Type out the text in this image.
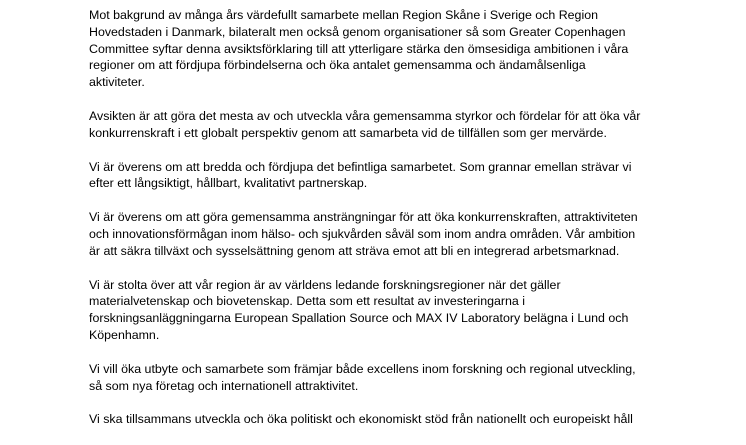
Mot bakgrund av många års värdefullt samarbete mellan Region Skåne i Sverige och Region
Hovedstaden i Danmark, bilateralt men också genom organisationer så som Greater Copenhagen
Committee syftar denna avsiktsförklaring till att ytterligare stärka den ömsesidiga ambitionen i våra
regioner om att fördjupa förbindelserna och öka antalet gemensamma och ändamålsenliga
aktiviteter.

Avsikten är att göra det mesta av och utveckla våra gemensamma styrkor och fördelar för att öka vår
konkurrenskraft i ett globalt perspektiv genom att samarbeta vid de tillfällen som ger mervärde.

Vi är överens om att bredda och fördjupa det befintliga samarbetet. Som grannar emellan strävar vi
efter ett långsiktigt, hållbart, kvalitativt partnerskap.

Vi är överens om att göra gemensamma ansträngningar för att öka konkurrenskraften, attraktiviteten
och innovationsförmågan inom hälso- och sjukvården såväl som inom andra områden. Vår ambition
är att säkra tillväxt och sysselsättning genom att sträva emot att bli en integrerad arbetsmarknad.

Vi är stolta över att vår region är av världens ledande forskningsregioner när det gäller
materialvetenskap och biovetenskap. Detta som ett resultat av investeringarna i
forskningsanläggningarna European Spallation Source och MAX IV Laboratory belägna i Lund och
Köpenhamn.

Vi vill öka utbyte och samarbete som främjar både excellens inom forskning och regional utveckling,
så som nya företag och internationell attraktivitet.

Vi ska tillsammans utveckla och öka politiskt och ekonomiskt stöd från nationellt och europeiskt håll
